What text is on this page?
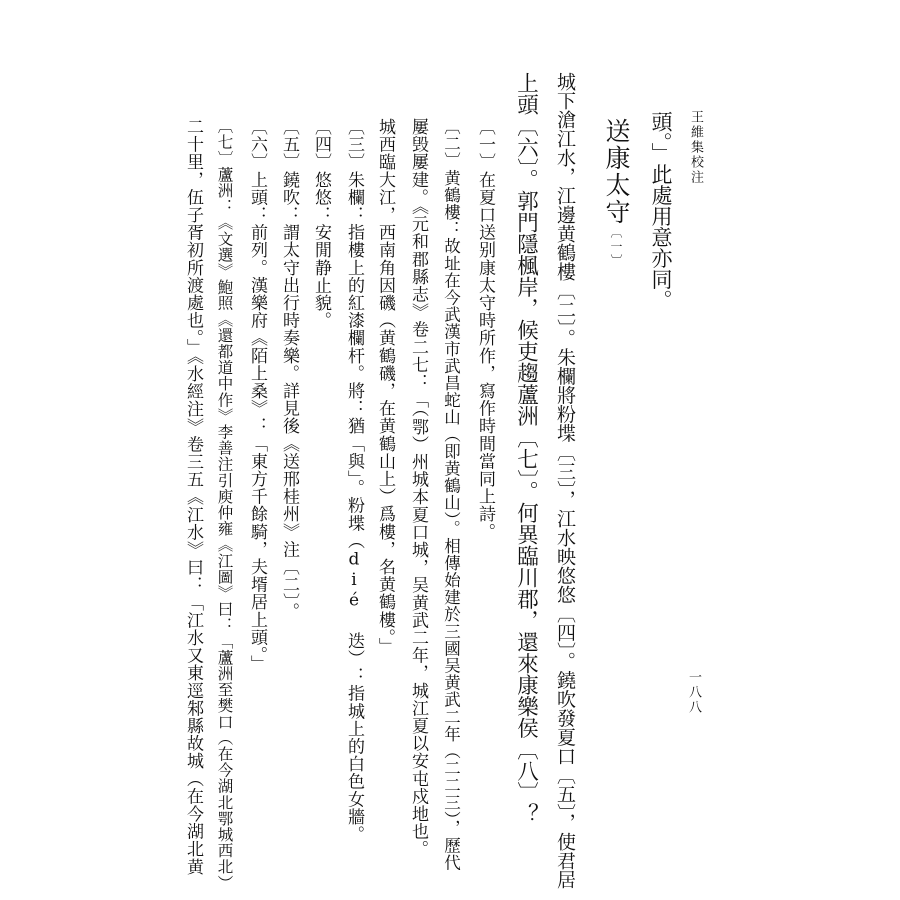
王維集校注
一八八
頭。」此處用意亦同。
送康太守〔一〕
城下滄江水，江邊黄鶴樓〔二〕。朱欄將粉堞〔三〕，江水映悠悠〔四〕。鐃吹發夏口〔五〕，使君居
上頭〔六〕。郭門隱楓岸，候吏趨蘆洲〔七〕。何異臨川郡，還來康樂侯〔八〕？
〔一〕在夏口送别康太守時所作，寫作時間當同上詩。
〔二〕黄鶴樓：故址在今武漢市武昌蛇山（即黄鶴山）。相傳始建於三國吴黄武二年（二二三），歷代
屢毁屢建。《元和郡縣志》卷二七：「（鄂）州城本夏口城，吴黄武二年，城江夏以安屯戍地也。
城西臨大江，西南角因磯（黄鶴磯，在黄鶴山上）爲樓，名黄鶴樓。」
〔三〕朱欄：指樓上的紅漆欄杆。將：猶「與」。粉堞（dié 迭）：指城上的白色女牆。
〔四〕悠悠：安閒静止貌。
〔五〕鐃吹：謂太守出行時奏樂。詳見後《送邢桂州》注〔二〕。
〔六〕上頭：前列。漢樂府《陌上桑》：「東方千餘騎，夫壻居上頭。」
〔七〕蘆洲：《文選》鮑照《還都道中作》李善注引庾仲雍《江圖》曰：「蘆洲至樊口（在今湖北鄂城西北）
二十里，伍子胥初所渡處也。」《水經注》卷三五《江水》曰：「江水又東逕邾縣故城（在今湖北黄
